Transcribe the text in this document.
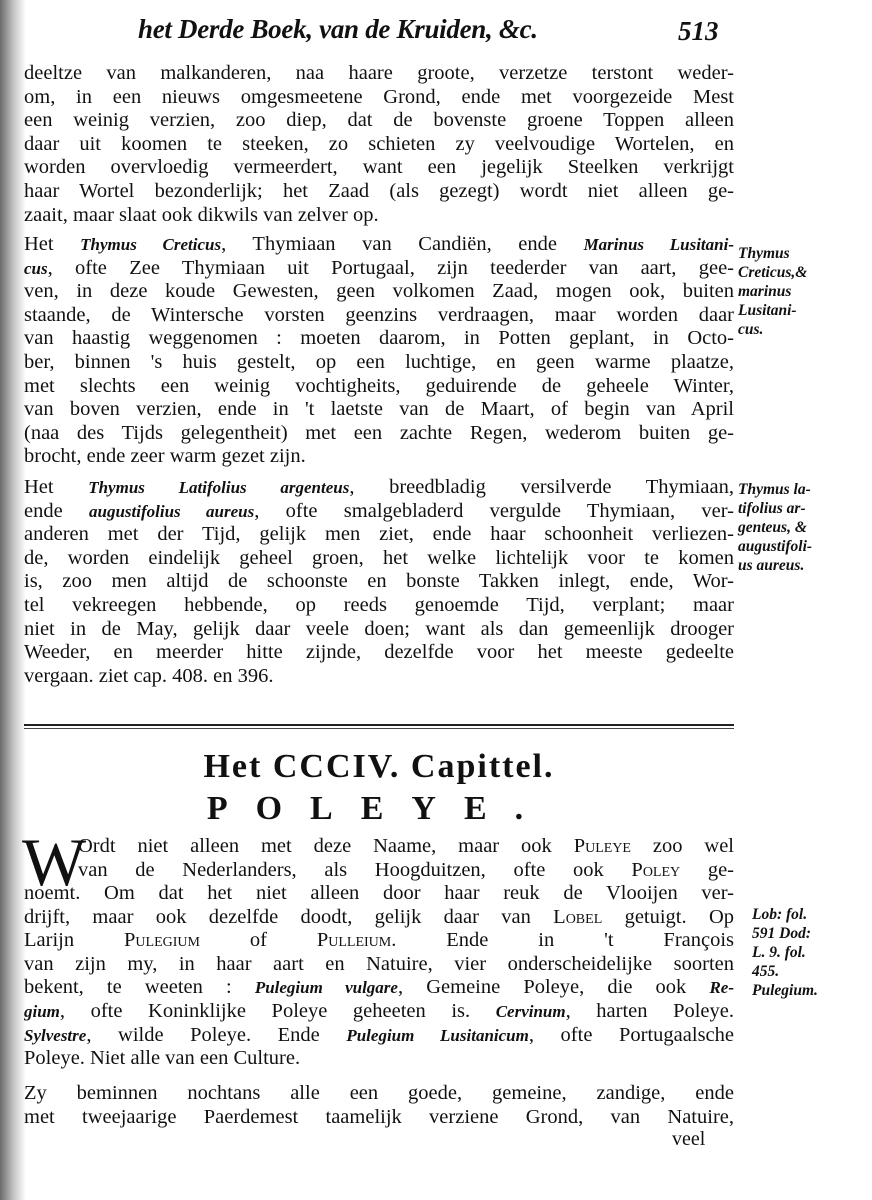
het Derde Boek, van de Kruiden, &c.	513
deeltze van malkanderen, naa haare groote, verzetze terstont weder-
om, in een nieuws omgesmeetene Grond, ende met voorgezeide Mest
een weinig verzien, zoo diep, dat de bovenste groene Toppen alleen
daar uit koomen te steeken, zo schieten zy veelvoudige Wortelen, en
worden overvloedig vermeerdert, want een jegelijk Steelken verkrijgt
haar Wortel bezonderlijk; het Zaad (als gezegt) wordt niet alleen ge-
zaait, maar slaat ook dikwils van zelver op.
Het Thymus Creticus, Thymiaan van Candiën, ende Marinus Lusitani-
cus, ofte Zee Thymiaan uit Portugaal, zijn teederder van aart, gee-
ven, in deze koude Gewesten, geen volkomen Zaad, mogen ook, buiten
staande, de Wintersche vorsten geenzins verdraagen, maar worden daar
van haastig weggenomen : moeten daarom, in Potten geplant, in Octo-
ber, binnen 's huis gestelt, op een luchtige, en geen warme plaatze,
met slechts een weinig vochtigheits, geduirende de geheele Winter,
van boven verzien, ende in 't laetste van de Maart, of begin van April
(naa des Tijds gelegentheit) met een zachte Regen, wederom buiten ge-
brocht, ende zeer warm gezet zijn.
Thymus
Creticus,&
marinus
Lusitani-
cus.
Het Thymus Latifolius argenteus, breedbladig versilverde Thymiaan,
ende augustifolius aureus, ofte smalgebladerd vergulde Thymiaan, ver-
anderen met der Tijd, gelijk men ziet, ende haar schoonheit verliezen-
de, worden eindelijk geheel groen, het welke lichtelijk voor te komen
is, zoo men altijd de schoonste en bonste Takken inlegt, ende, Wor-
tel vekreegen hebbende, op reeds genoemde Tijd, verplant; maar
niet in de May, gelijk daar veele doen; want als dan gemeenlijk drooger
Weeder, en meerder hitte zijnde, dezelfde voor het meeste gedeelte
vergaan. ziet cap. 408. en 396.
Thymus la-
tifolius ar-
genteus, &
augustifoli-
us aureus.
Het CCCIV. Capittel.
POLEYE.
W
Ordt niet alleen met deze Naame, maar ook Puleye zoo wel
van de Nederlanders, als Hoogduitzen, ofte ook Poley ge-
noemt. Om dat het niet alleen door haar reuk de Vlooijen ver-
drijft, maar ook dezelfde doodt, gelijk daar van Lobel getuigt. Op
Larijn Pulegium of Pulleium. Ende in 't François
van zijn my, in haar aart en Natuire, vier onderscheidelijke soorten
bekent, te weeten : Pulegium vulgare, Gemeine Poleye, die ook Re-
gium, ofte Koninklijke Poleye geheeten is. Cervinum, harten Poleye.
Sylvestre, wilde Poleye. Ende Pulegium Lusitanicum, ofte Portugaalsche
Poleye. Niet alle van een Culture.
Lob: fol.
591 Dod:
L. 9. fol.
455.
Pulegium.
Zy beminnen nochtans alle een goede, gemeine, zandige, ende
met tweejaarige Paerdemest taamelijk verziene Grond, van Natuire,
veel
